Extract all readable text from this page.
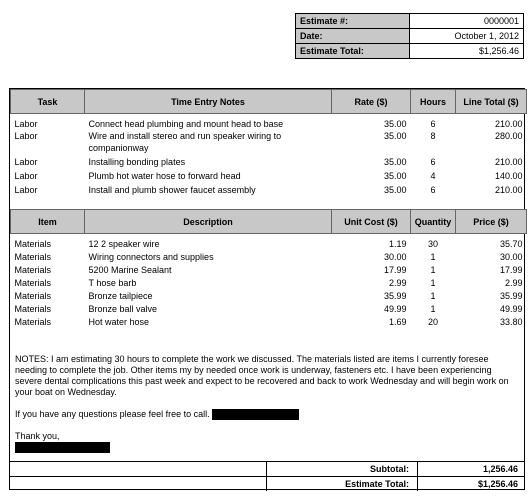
Estimate #:	0000001
Date:	October 1, 2012
Estimate Total:	$1,256.46
Task	Time Entry Notes	Rate ($)	Hours	Line Total ($)

Labor	Connect head plumbing and mount head to base	35.00	6	210.00
Labor	Wire and install stereo and run speaker wiring to companionway	35.00	8	280.00

Labor	Installing bonding plates	35.00	6	210.00

Labor	Plumb hot water hose to forward head	35.00	4	140.00

Labor	Install and plumb shower faucet assembly	35.00	6	210.00
Item	Description	Unit Cost ($)	Quantity	Price ($)

Materials	12 2 speaker wire	1.19	30	35.70

Materials	Wiring connectors and supplies	30.00	1	30.00

Materials	5200 Marine Sealant	17.99	1	17.99

Materials	T hose barb	2.99	1	2.99

Materials	Bronze tailpiece	35.99	1	35.99

Materials	Bronze ball valve	49.99	1	49.99

Materials	Hot water hose	1.69	20	33.80

NOTES: I am estimating 30 hours to complete the work we discussed. The materials listed are items I currently foresee needing to complete the job. Other items my by needed once work is underway, fasteners etc. I have been experiencing severe dental complications this past week and expect to be recovered and back to work Wednesday and will begin work on your boat on Wednesday.

If you have any questions please feel free to call.

Thank you,
Subtotal:	1,256.46
Estimate Total:	$1,256.46
